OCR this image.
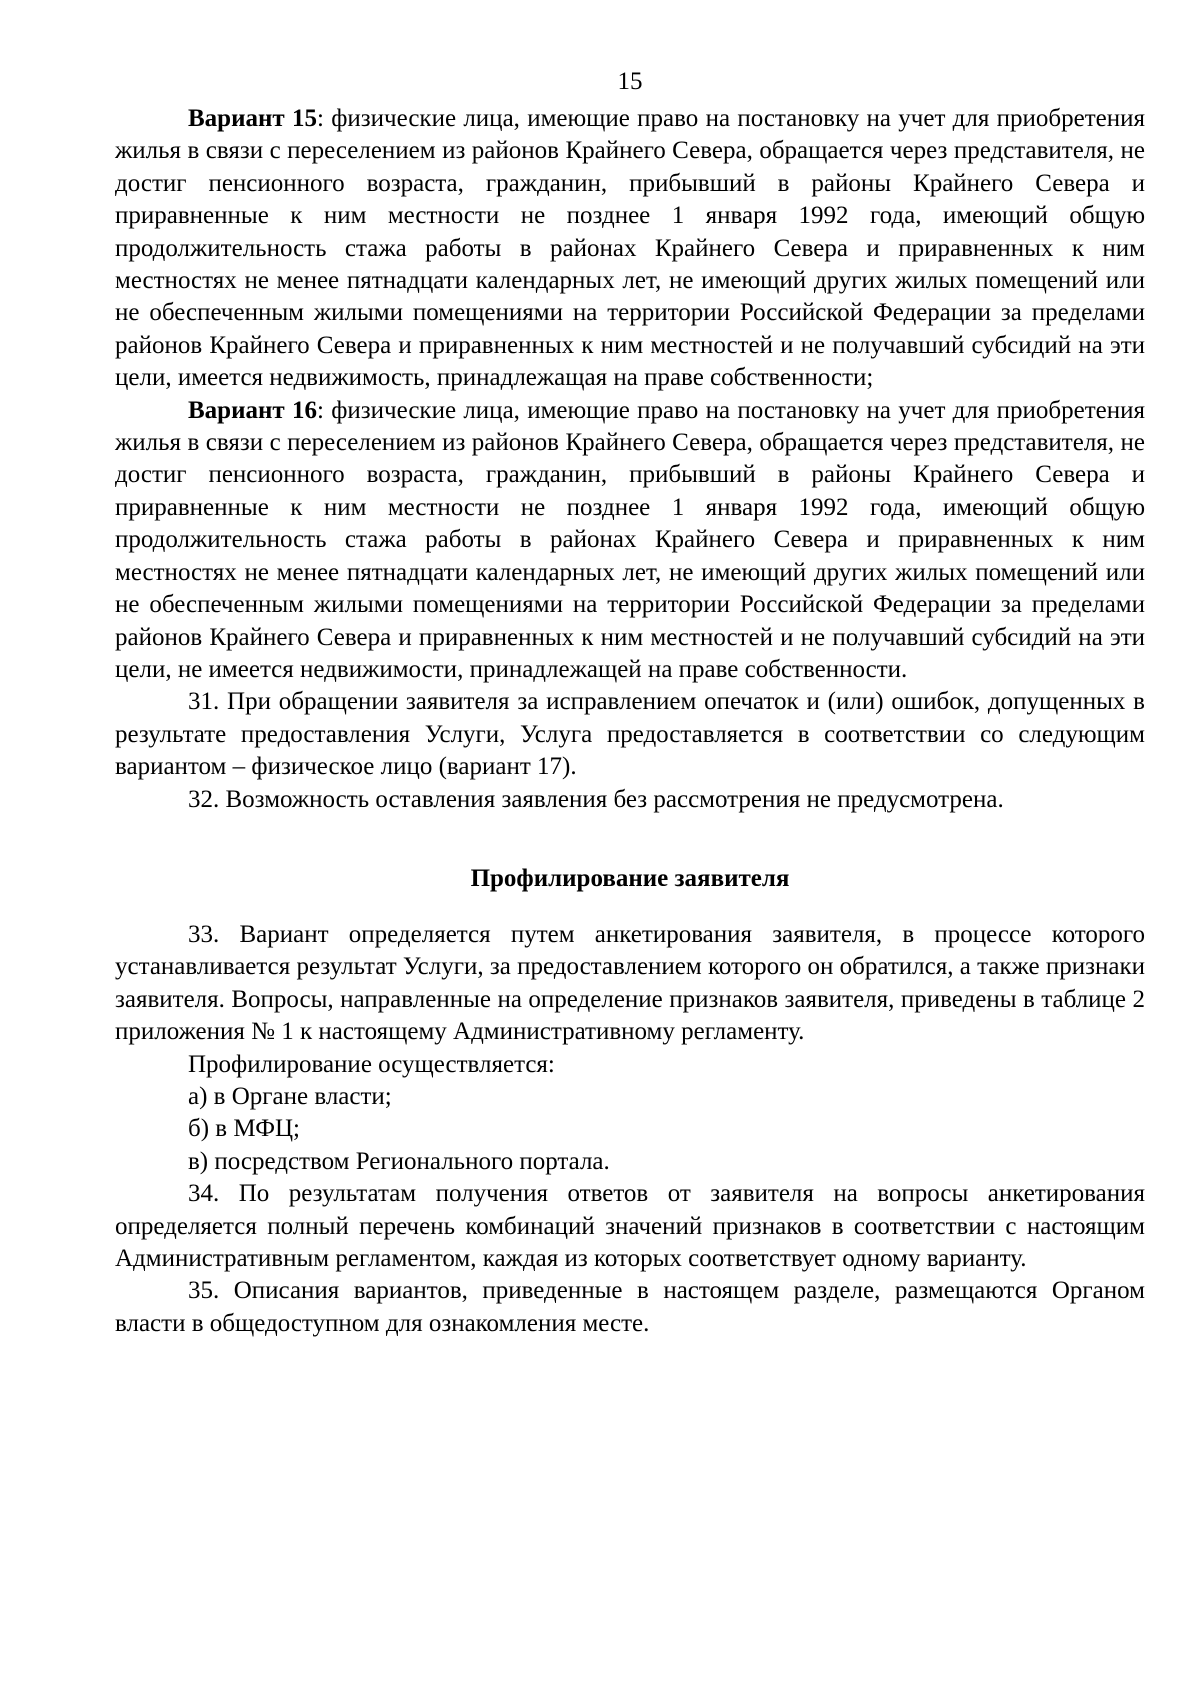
15

Вариант 15: физические лица, имеющие право на постановку на учет для приобретения жилья в связи с переселением из районов Крайнего Севера, обращается через представителя, не достиг пенсионного возраста, гражданин, прибывший в районы Крайнего Севера и приравненные к ним местности не позднее 1 января 1992 года, имеющий общую продолжительность стажа работы в районах Крайнего Севера и приравненных к ним местностях не менее пятнадцати календарных лет, не имеющий других жилых помещений или не обеспеченным жилыми помещениями на территории Российской Федерации за пределами районов Крайнего Севера и приравненных к ним местностей и не получавший субсидий на эти цели, имеется недвижимость, принадлежащая на праве собственности;

Вариант 16: физические лица, имеющие право на постановку на учет для приобретения жилья в связи с переселением из районов Крайнего Севера, обращается через представителя, не достиг пенсионного возраста, гражданин, прибывший в районы Крайнего Севера и приравненные к ним местности не позднее 1 января 1992 года, имеющий общую продолжительность стажа работы в районах Крайнего Севера и приравненных к ним местностях не менее пятнадцати календарных лет, не имеющий других жилых помещений или не обеспеченным жилыми помещениями на территории Российской Федерации за пределами районов Крайнего Севера и приравненных к ним местностей и не получавший субсидий на эти цели, не имеется недвижимости, принадлежащей на праве собственности.

31. При обращении заявителя за исправлением опечаток и (или) ошибок, допущенных в результате предоставления Услуги, Услуга предоставляется в соответствии со следующим вариантом – физическое лицо (вариант 17).

32. Возможность оставления заявления без рассмотрения не предусмотрена.

Профилирование заявителя

33. Вариант определяется путем анкетирования заявителя, в процессе которого устанавливается результат Услуги, за предоставлением которого он обратился, а также признаки заявителя. Вопросы, направленные на определение признаков заявителя, приведены в таблице 2 приложения № 1 к настоящему Административному регламенту.

Профилирование осуществляется:

а) в Органе власти;

б) в МФЦ;

в) посредством Регионального портала.

34. По результатам получения ответов от заявителя на вопросы анкетирования определяется полный перечень комбинаций значений признаков в соответствии с настоящим Административным регламентом, каждая из которых соответствует одному варианту.

35. Описания вариантов, приведенные в настоящем разделе, размещаются Органом власти в общедоступном для ознакомления месте.
